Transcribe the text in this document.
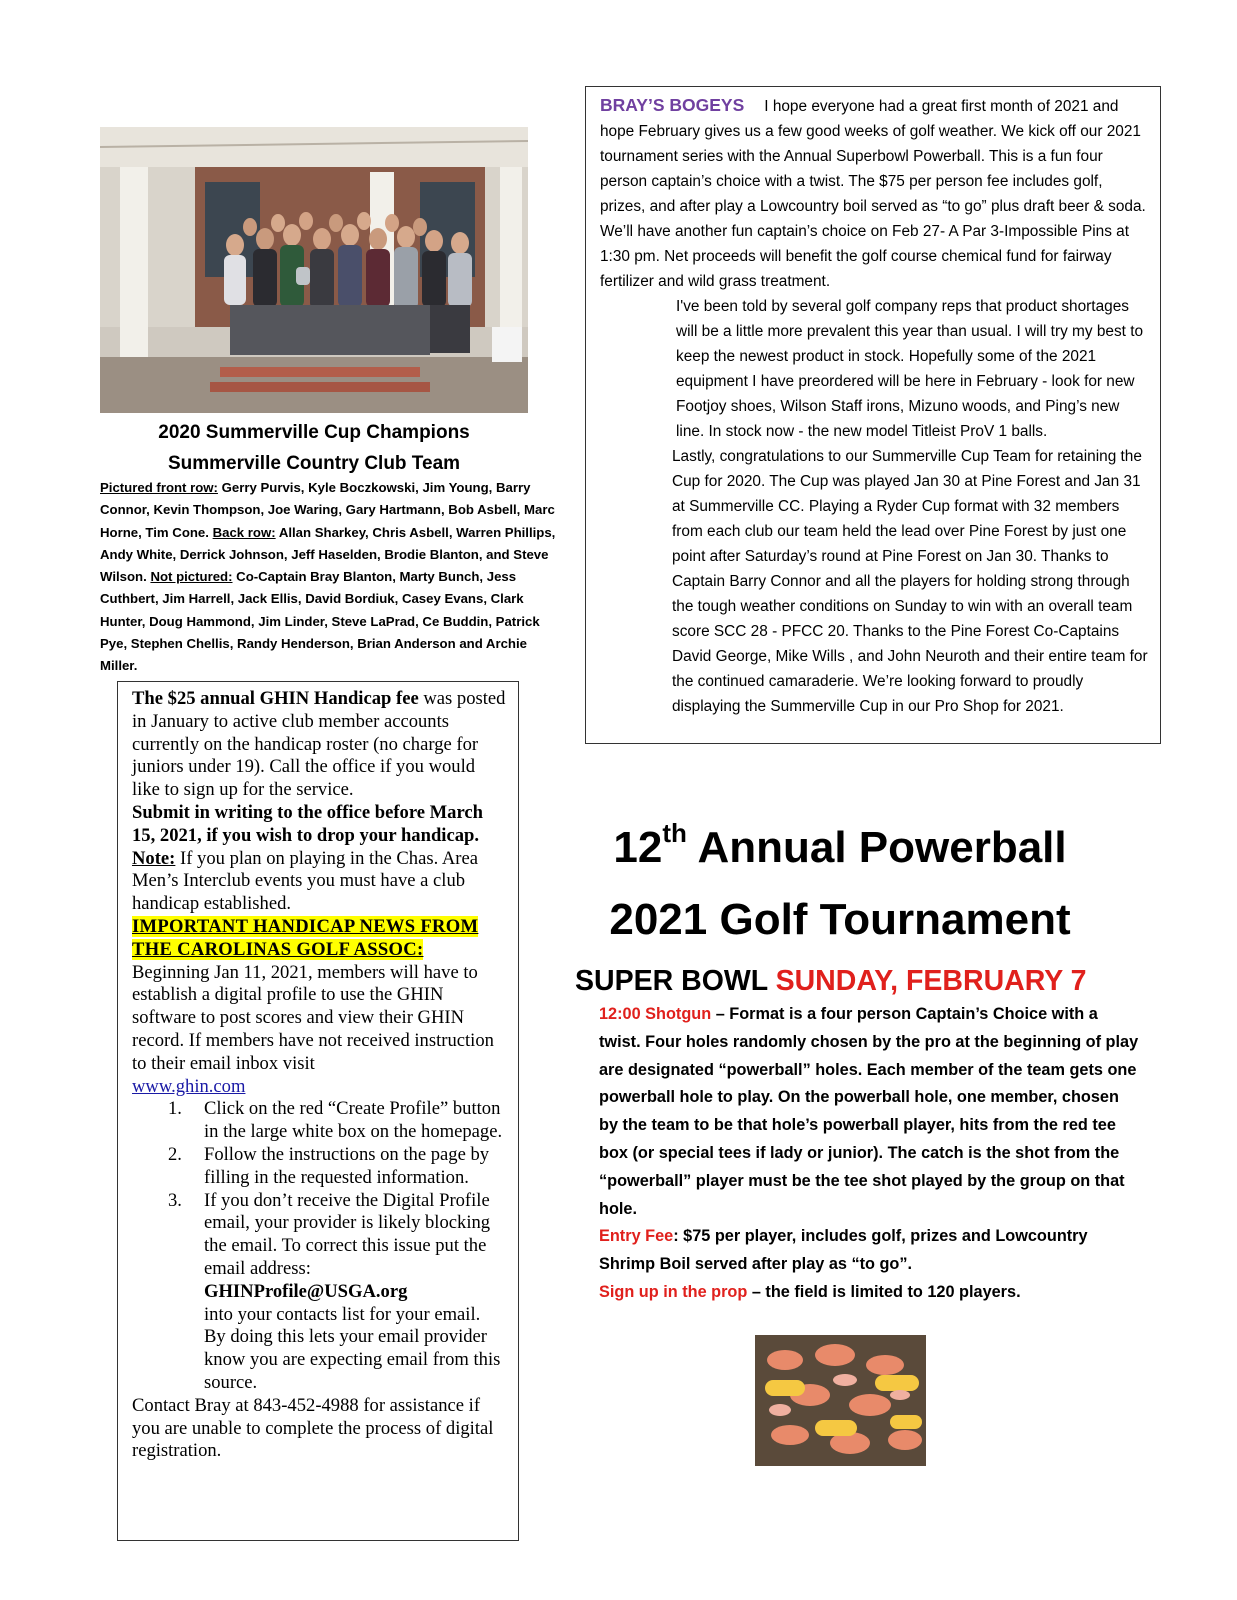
2020 Summerville Cup Champions
Summerville Country Club Team
Pictured front row: Gerry Purvis, Kyle Boczkowski, Jim Young, Barry Connor, Kevin Thompson, Joe Waring, Gary Hartmann, Bob Asbell, Marc Horne, Tim Cone. Back row: Allan Sharkey, Chris Asbell, Warren Phillips, Andy White, Derrick Johnson, Jeff Haselden, Brodie Blanton, and Steve Wilson. Not pictured: Co-Captain Bray Blanton, Marty Bunch, Jess Cuthbert, Jim Harrell, Jack Ellis, David Bordiuk, Casey Evans, Clark Hunter, Doug Hammond, Jim Linder, Steve LaPrad, Ce Buddin, Patrick Pye, Stephen Chellis, Randy Henderson, Brian Anderson and Archie Miller.

The $25 annual GHIN Handicap fee was posted in January to active club member accounts currently on the handicap roster (no charge for juniors under 19). Call the office if you would like to sign up for the service.

Submit in writing to the office before March 15, 2021, if you wish to drop your handicap.

Note: If you plan on playing in the Chas. Area Men’s Interclub events you must have a club handicap established.

IMPORTANT HANDICAP NEWS FROM THE CAROLINAS GOLF ASSOC:

Beginning Jan 11, 2021, members will have to establish a digital profile to use the GHIN software to post scores and view their GHIN record. If members have not received instruction to their email inbox visit
www.ghin.com

1. Click on the red “Create Profile” button in the large white box on the homepage.
2. Follow the instructions on the page by filling in the requested information.
3. If you don’t receive the Digital Profile email, your provider is likely blocking the email. To correct this issue put the email address:
GHINProfile@USGA.org
into your contacts list for your email. By doing this lets your email provider know you are expecting email from this source.

Contact Bray at 843-452-4988 for assistance if you are unable to complete the process of digital registration.

BRAY’S BOGEYS I hope everyone had a great first month of 2021 and hope February gives us a few good weeks of golf weather. We kick off our 2021 tournament series with the Annual Superbowl Powerball. This is a fun four person captain’s choice with a twist. The $75 per person fee includes golf, prizes, and after play a Lowcountry boil served as “to go” plus draft beer & soda. We’ll have another fun captain’s choice on Feb 27- A Par 3-Impossible Pins at 1:30 pm. Net proceeds will benefit the golf course chemical fund for fairway fertilizer and wild grass treatment.

I've been told by several golf company reps that product shortages will be a little more prevalent this year than usual. I will try my best to keep the newest product in stock. Hopefully some of the 2021 equipment I have preordered will be here in February - look for new Footjoy shoes, Wilson Staff irons, Mizuno woods, and Ping’s new line. In stock now - the new model Titleist ProV 1 balls.

Lastly, congratulations to our Summerville Cup Team for retaining the Cup for 2020. The Cup was played Jan 30 at Pine Forest and Jan 31 at Summerville CC. Playing a Ryder Cup format with 32 members from each club our team held the lead over Pine Forest by just one point after Saturday’s round at Pine Forest on Jan 30. Thanks to Captain Barry Connor and all the players for holding strong through the tough weather conditions on Sunday to win with an overall team score SCC 28 - PFCC 20. Thanks to the Pine Forest Co-Captains David George, Mike Wills , and John Neuroth and their entire team for the continued camaraderie. We’re looking forward to proudly displaying the Summerville Cup in our Pro Shop for 2021.

12th Annual Powerball
2021 Golf Tournament
SUPER BOWL SUNDAY, FEBRUARY 7

12:00 Shotgun – Format is a four person Captain’s Choice with a twist. Four holes randomly chosen by the pro at the beginning of play are designated “powerball” holes. Each member of the team gets one powerball hole to play. On the powerball hole, one member, chosen by the team to be that hole’s powerball player, hits from the red tee box (or special tees if lady or junior). The catch is the shot from the “powerball” player must be the tee shot played by the group on that hole.

Entry Fee: $75 per player, includes golf, prizes and Lowcountry Shrimp Boil served after play as “to go”.

Sign up in the prop – the field is limited to 120 players.
